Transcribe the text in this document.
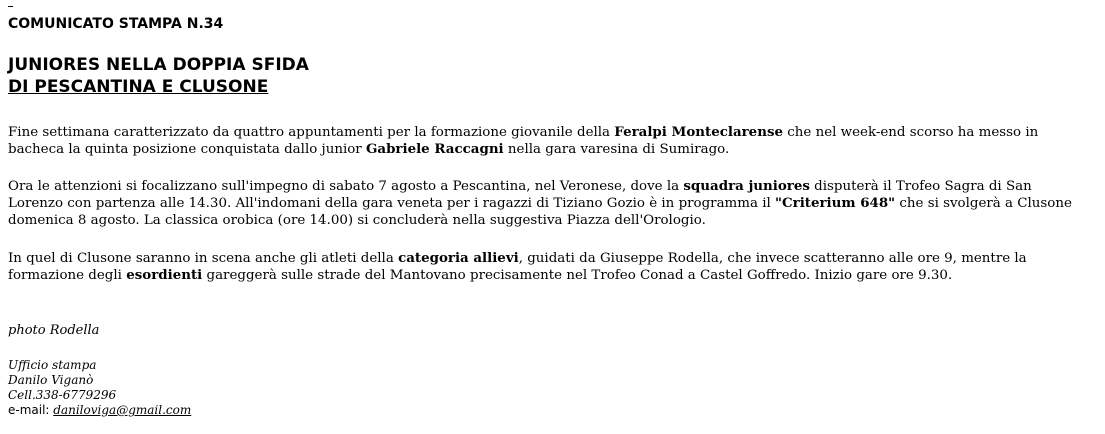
COMUNICATO STAMPA N.34

JUNIORES NELLA DOPPIA SFIDA
DI PESCANTINA E CLUSONE

Fine settimana caratterizzato da quattro appuntamenti per la formazione giovanile della Feralpi Monteclarense che nel week-end scorso ha messo in
bacheca la quinta posizione conquistata dallo junior Gabriele Raccagni nella gara varesina di Sumirago.

Ora le attenzioni si focalizzano sull'impegno di sabato 7 agosto a Pescantina, nel Veronese, dove la squadra juniores disputerà il Trofeo Sagra di San
Lorenzo con partenza alle 14.30. All'indomani della gara veneta per i ragazzi di Tiziano Gozio è in programma il "Criterium 648" che si svolgerà a Clusone
domenica 8 agosto. La classica orobica (ore 14.00) si concluderà nella suggestiva Piazza dell'Orologio.

In quel di Clusone saranno in scena anche gli atleti della categoria allievi, guidati da Giuseppe Rodella, che invece scatteranno alle ore 9, mentre la
formazione degli esordienti gareggerà sulle strade del Mantovano precisamente nel Trofeo Conad a Castel Goffredo. Inizio gare ore 9.30.

photo Rodella

Ufficio stampa
Danilo Viganò
Cell.338-6779296
e-mail: daniloviga@gmail.com
